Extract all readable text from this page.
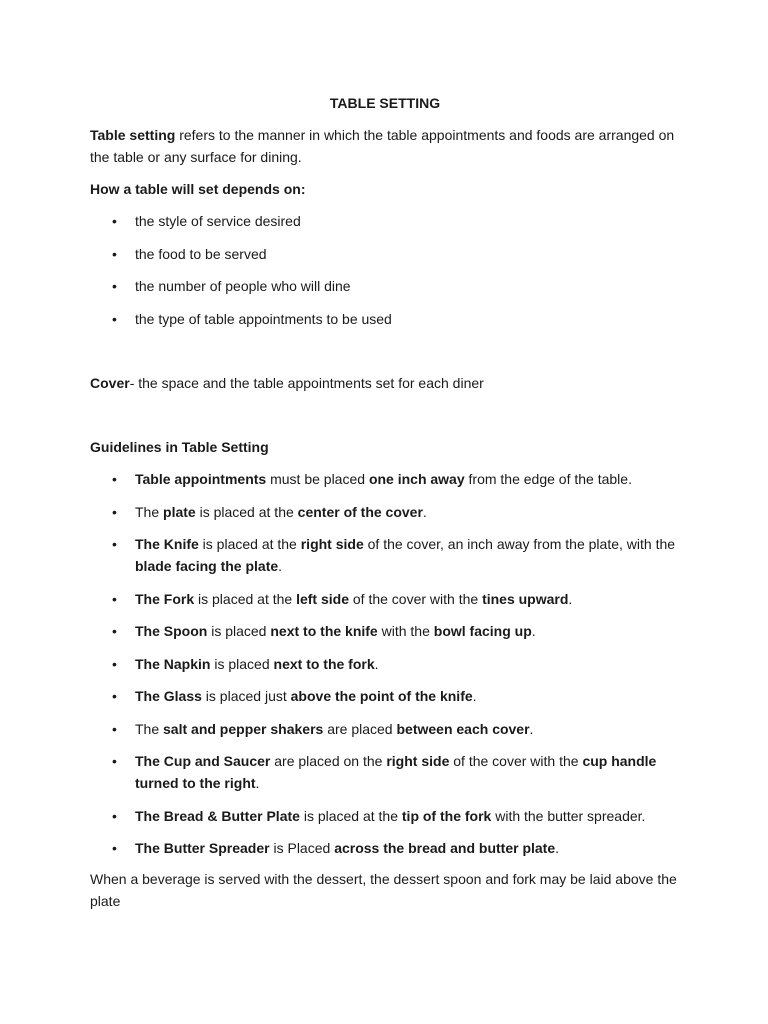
TABLE SETTING

Table setting refers to the manner in which the table appointments and foods are arranged on the table or any surface for dining.

How a table will set depends on:

• the style of service desired
• the food to be served
• the number of people who will dine
• the type of table appointments to be used

Cover- the space and the table appointments set for each diner

Guidelines in Table Setting

• Table appointments must be placed one inch away from the edge of the table.
• The plate is placed at the center of the cover.
• The Knife is placed at the right side of the cover, an inch away from the plate, with the blade facing the plate.
• The Fork is placed at the left side of the cover with the tines upward.
• The Spoon is placed next to the knife with the bowl facing up.
• The Napkin is placed next to the fork.
• The Glass is placed just above the point of the knife.
• The salt and pepper shakers are placed between each cover.
• The Cup and Saucer are placed on the right side of the cover with the cup handle turned to the right.
• The Bread & Butter Plate is placed at the tip of the fork with the butter spreader.
• The Butter Spreader is Placed across the bread and butter plate.

When a beverage is served with the dessert, the dessert spoon and fork may be laid above the plate
